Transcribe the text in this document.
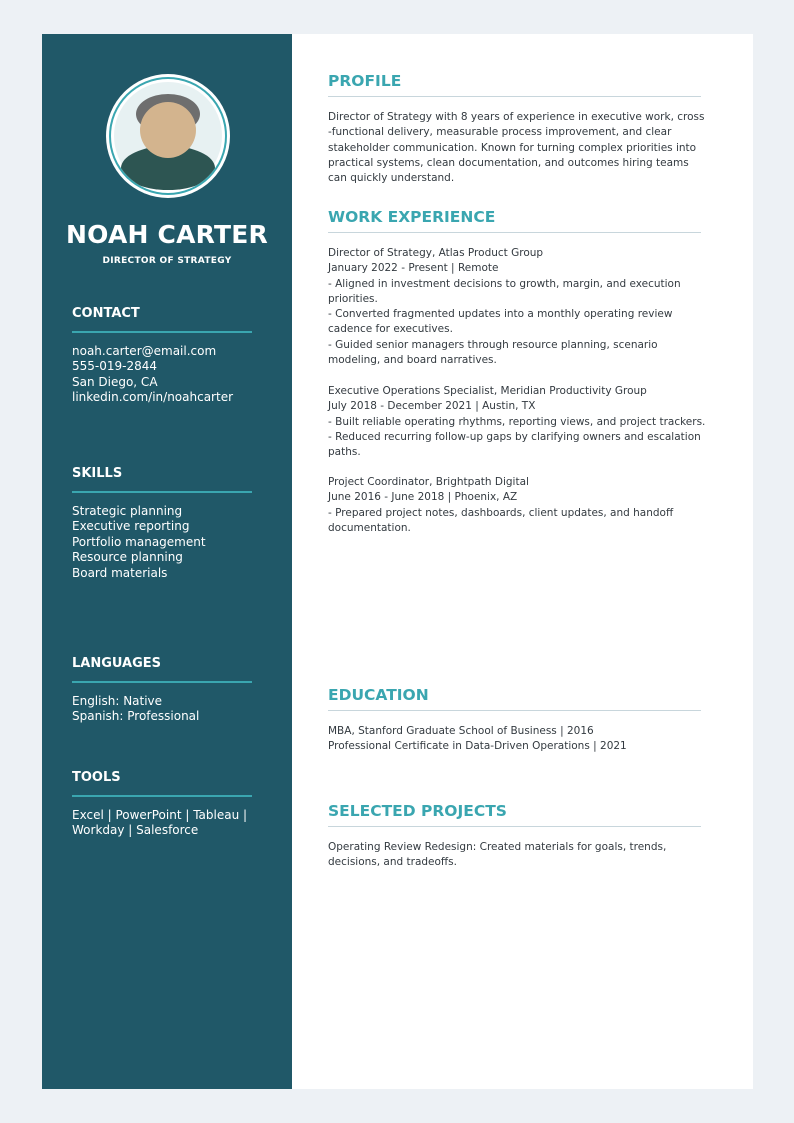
NOAH CARTER
DIRECTOR OF STRATEGY
CONTACT
noah.carter@email.com
555-019-2844
San Diego, CA
linkedin.com/in/noahcarter
SKILLS
Strategic planning
Executive reporting
Portfolio management
Resource planning
Board materials
LANGUAGES
English: Native
Spanish: Professional
TOOLS
Excel | PowerPoint | Tableau |
Workday | Salesforce
PROFILE
Director of Strategy with 8 years of experience in executive work, cross
-functional delivery, measurable process improvement, and clear
stakeholder communication. Known for turning complex priorities into
practical systems, clean documentation, and outcomes hiring teams
can quickly understand.
WORK EXPERIENCE
Director of Strategy, Atlas Product Group
January 2022 - Present | Remote
- Aligned in investment decisions to growth, margin, and execution
priorities.
- Converted fragmented updates into a monthly operating review
cadence for executives.
- Guided senior managers through resource planning, scenario
modeling, and board narratives.
Executive Operations Specialist, Meridian Productivity Group
July 2018 - December 2021 | Austin, TX
- Built reliable operating rhythms, reporting views, and project trackers.
- Reduced recurring follow-up gaps by clarifying owners and escalation
paths.
Project Coordinator, Brightpath Digital
June 2016 - June 2018 | Phoenix, AZ
- Prepared project notes, dashboards, client updates, and handoff
documentation.
EDUCATION
MBA, Stanford Graduate School of Business | 2016
Professional Certificate in Data-Driven Operations | 2021
SELECTED PROJECTS
Operating Review Redesign: Created materials for goals, trends,
decisions, and tradeoffs.
